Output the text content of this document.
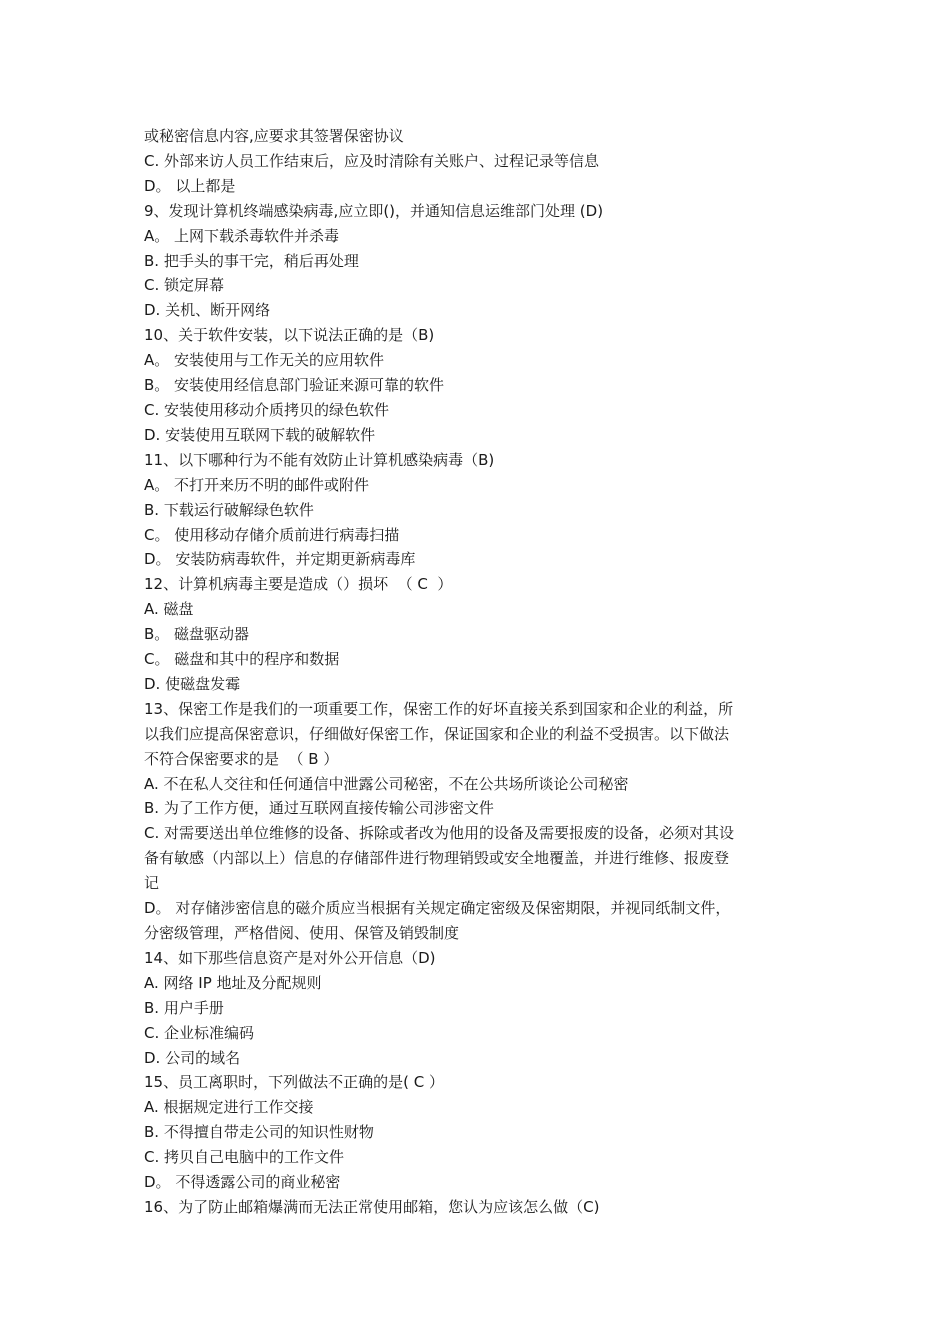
或秘密信息内容,应要求其签署保密协议
C. 外部来访人员工作结束后，应及时清除有关账户、过程记录等信息
D。 以上都是
9、发现计算机终端感染病毒,应立即()，并通知信息运维部门处理 (D)
A。 上网下载杀毒软件并杀毒
B. 把手头的事干完，稍后再处理
C. 锁定屏幕
D. 关机、断开网络
10、关于软件安装，以下说法正确的是（B)
A。 安装使用与工作无关的应用软件
B。 安装使用经信息部门验证来源可靠的软件
C. 安装使用移动介质拷贝的绿色软件
D. 安装使用互联网下载的破解软件
11、以下哪种行为不能有效防止计算机感染病毒（B)
A。 不打开来历不明的邮件或附件
B. 下载运行破解绿色软件
C。 使用移动存储介质前进行病毒扫描
D。 安装防病毒软件，并定期更新病毒库
12、计算机病毒主要是造成（）损坏  （ C  ）
A. 磁盘
B。 磁盘驱动器
C。 磁盘和其中的程序和数据
D. 使磁盘发霉
13、保密工作是我们的一项重要工作，保密工作的好坏直接关系到国家和企业的利益，所
以我们应提高保密意识，仔细做好保密工作，保证国家和企业的利益不受损害。以下做法
不符合保密要求的是  （ B ）
A. 不在私人交往和任何通信中泄露公司秘密，不在公共场所谈论公司秘密
B. 为了工作方便，通过互联网直接传输公司涉密文件
C. 对需要送出单位维修的设备、拆除或者改为他用的设备及需要报废的设备，必须对其设
备有敏感（内部以上）信息的存储部件进行物理销毁或安全地覆盖，并进行维修、报废登
记
D。 对存储涉密信息的磁介质应当根据有关规定确定密级及保密期限，并视同纸制文件，
分密级管理，严格借阅、使用、保管及销毁制度
14、如下那些信息资产是对外公开信息（D)
A. 网络 IP 地址及分配规则
B. 用户手册
C. 企业标准编码
D. 公司的域名
15、员工离职时，下列做法不正确的是( C ）
A. 根据规定进行工作交接
B. 不得擅自带走公司的知识性财物
C. 拷贝自己电脑中的工作文件
D。 不得透露公司的商业秘密
16、为了防止邮箱爆满而无法正常使用邮箱，您认为应该怎么做（C)
